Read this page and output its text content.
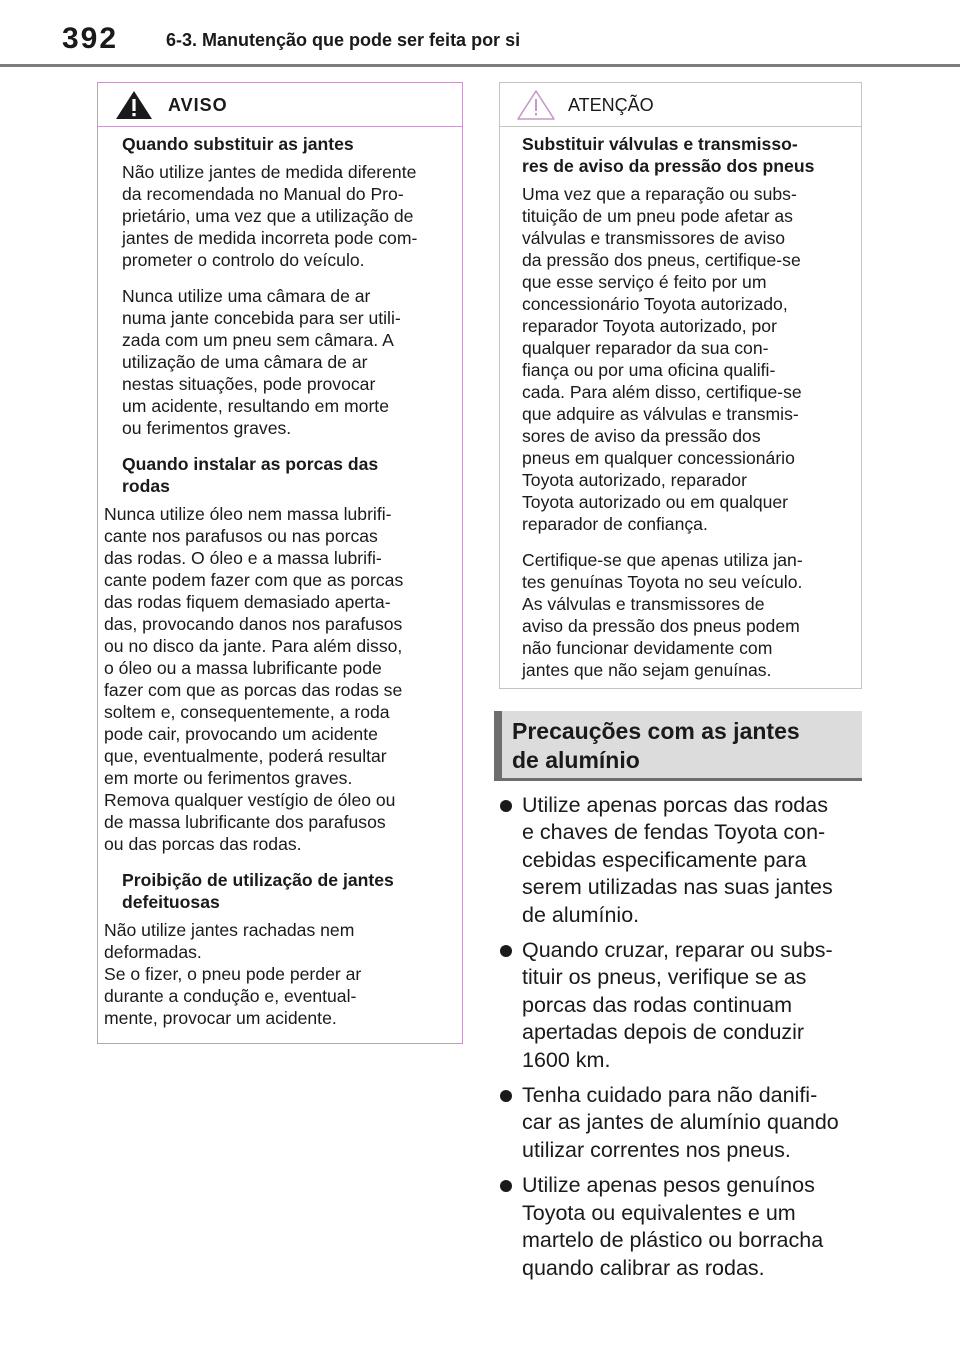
392	6-3. Manutenção que pode ser feita por si
AVISO

Quando substituir as jantes

Não utilize jantes de medida diferente

da recomendada no Manual do Pro-

prietário, uma vez que a utilização de

jantes de medida incorreta pode com-

prometer o controlo do veículo.

Nunca utilize uma câmara de ar

numa jante concebida para ser utili-

zada com um pneu sem câmara. A

utilização de uma câmara de ar

nestas situações, pode provocar

um acidente, resultando em morte

ou ferimentos graves.

Quando instalar as porcas das

rodas

Nunca utilize óleo nem massa lubrifi-

cante nos parafusos ou nas porcas

das rodas. O óleo e a massa lubrifi-

cante podem fazer com que as porcas

das rodas fiquem demasiado aperta-

das, provocando danos nos parafusos

ou no disco da jante. Para além disso,

o óleo ou a massa lubrificante pode

fazer com que as porcas das rodas se

soltem e, consequentemente, a roda

pode cair, provocando um acidente

que, eventualmente, poderá resultar

em morte ou ferimentos graves.

Remova qualquer vestígio de óleo ou

de massa lubrificante dos parafusos

ou das porcas das rodas.

Proibição de utilização de jantes

defeituosas

Não utilize jantes rachadas nem

deformadas.

Se o fizer, o pneu pode perder ar

durante a condução e, eventual-

mente, provocar um acidente.

ATENÇÃO

Substituir válvulas e transmisso-

res de aviso da pressão dos pneus

Uma vez que a reparação ou subs-

tituição de um pneu pode afetar as

válvulas e transmissores de aviso

da pressão dos pneus, certifique-se

que esse serviço é feito por um

concessionário Toyota autorizado,

reparador Toyota autorizado, por

qualquer reparador da sua con-

fiança ou por uma oficina qualifi-

cada. Para além disso, certifique-se

que adquire as válvulas e transmis-

sores de aviso da pressão dos

pneus em qualquer concessionário

Toyota autorizado, reparador

Toyota autorizado ou em qualquer

reparador de confiança.

Certifique-se que apenas utiliza jan-

tes genuínas Toyota no seu veículo.

As válvulas e transmissores de

aviso da pressão dos pneus podem

não funcionar devidamente com

jantes que não sejam genuínas.

Precauções com as jantes
de alumínio
Utilize apenas porcas das rodas
e chaves de fendas Toyota con-
cebidas especificamente para
serem utilizadas nas suas jantes
de alumínio.
Quando cruzar, reparar ou subs-
tituir os pneus, verifique se as
porcas das rodas continuam
apertadas depois de conduzir
1600 km.
Tenha cuidado para não danifi-
car as jantes de alumínio quando
utilizar correntes nos pneus.
Utilize apenas pesos genuínos
Toyota ou equivalentes e um
martelo de plástico ou borracha
quando calibrar as rodas.
